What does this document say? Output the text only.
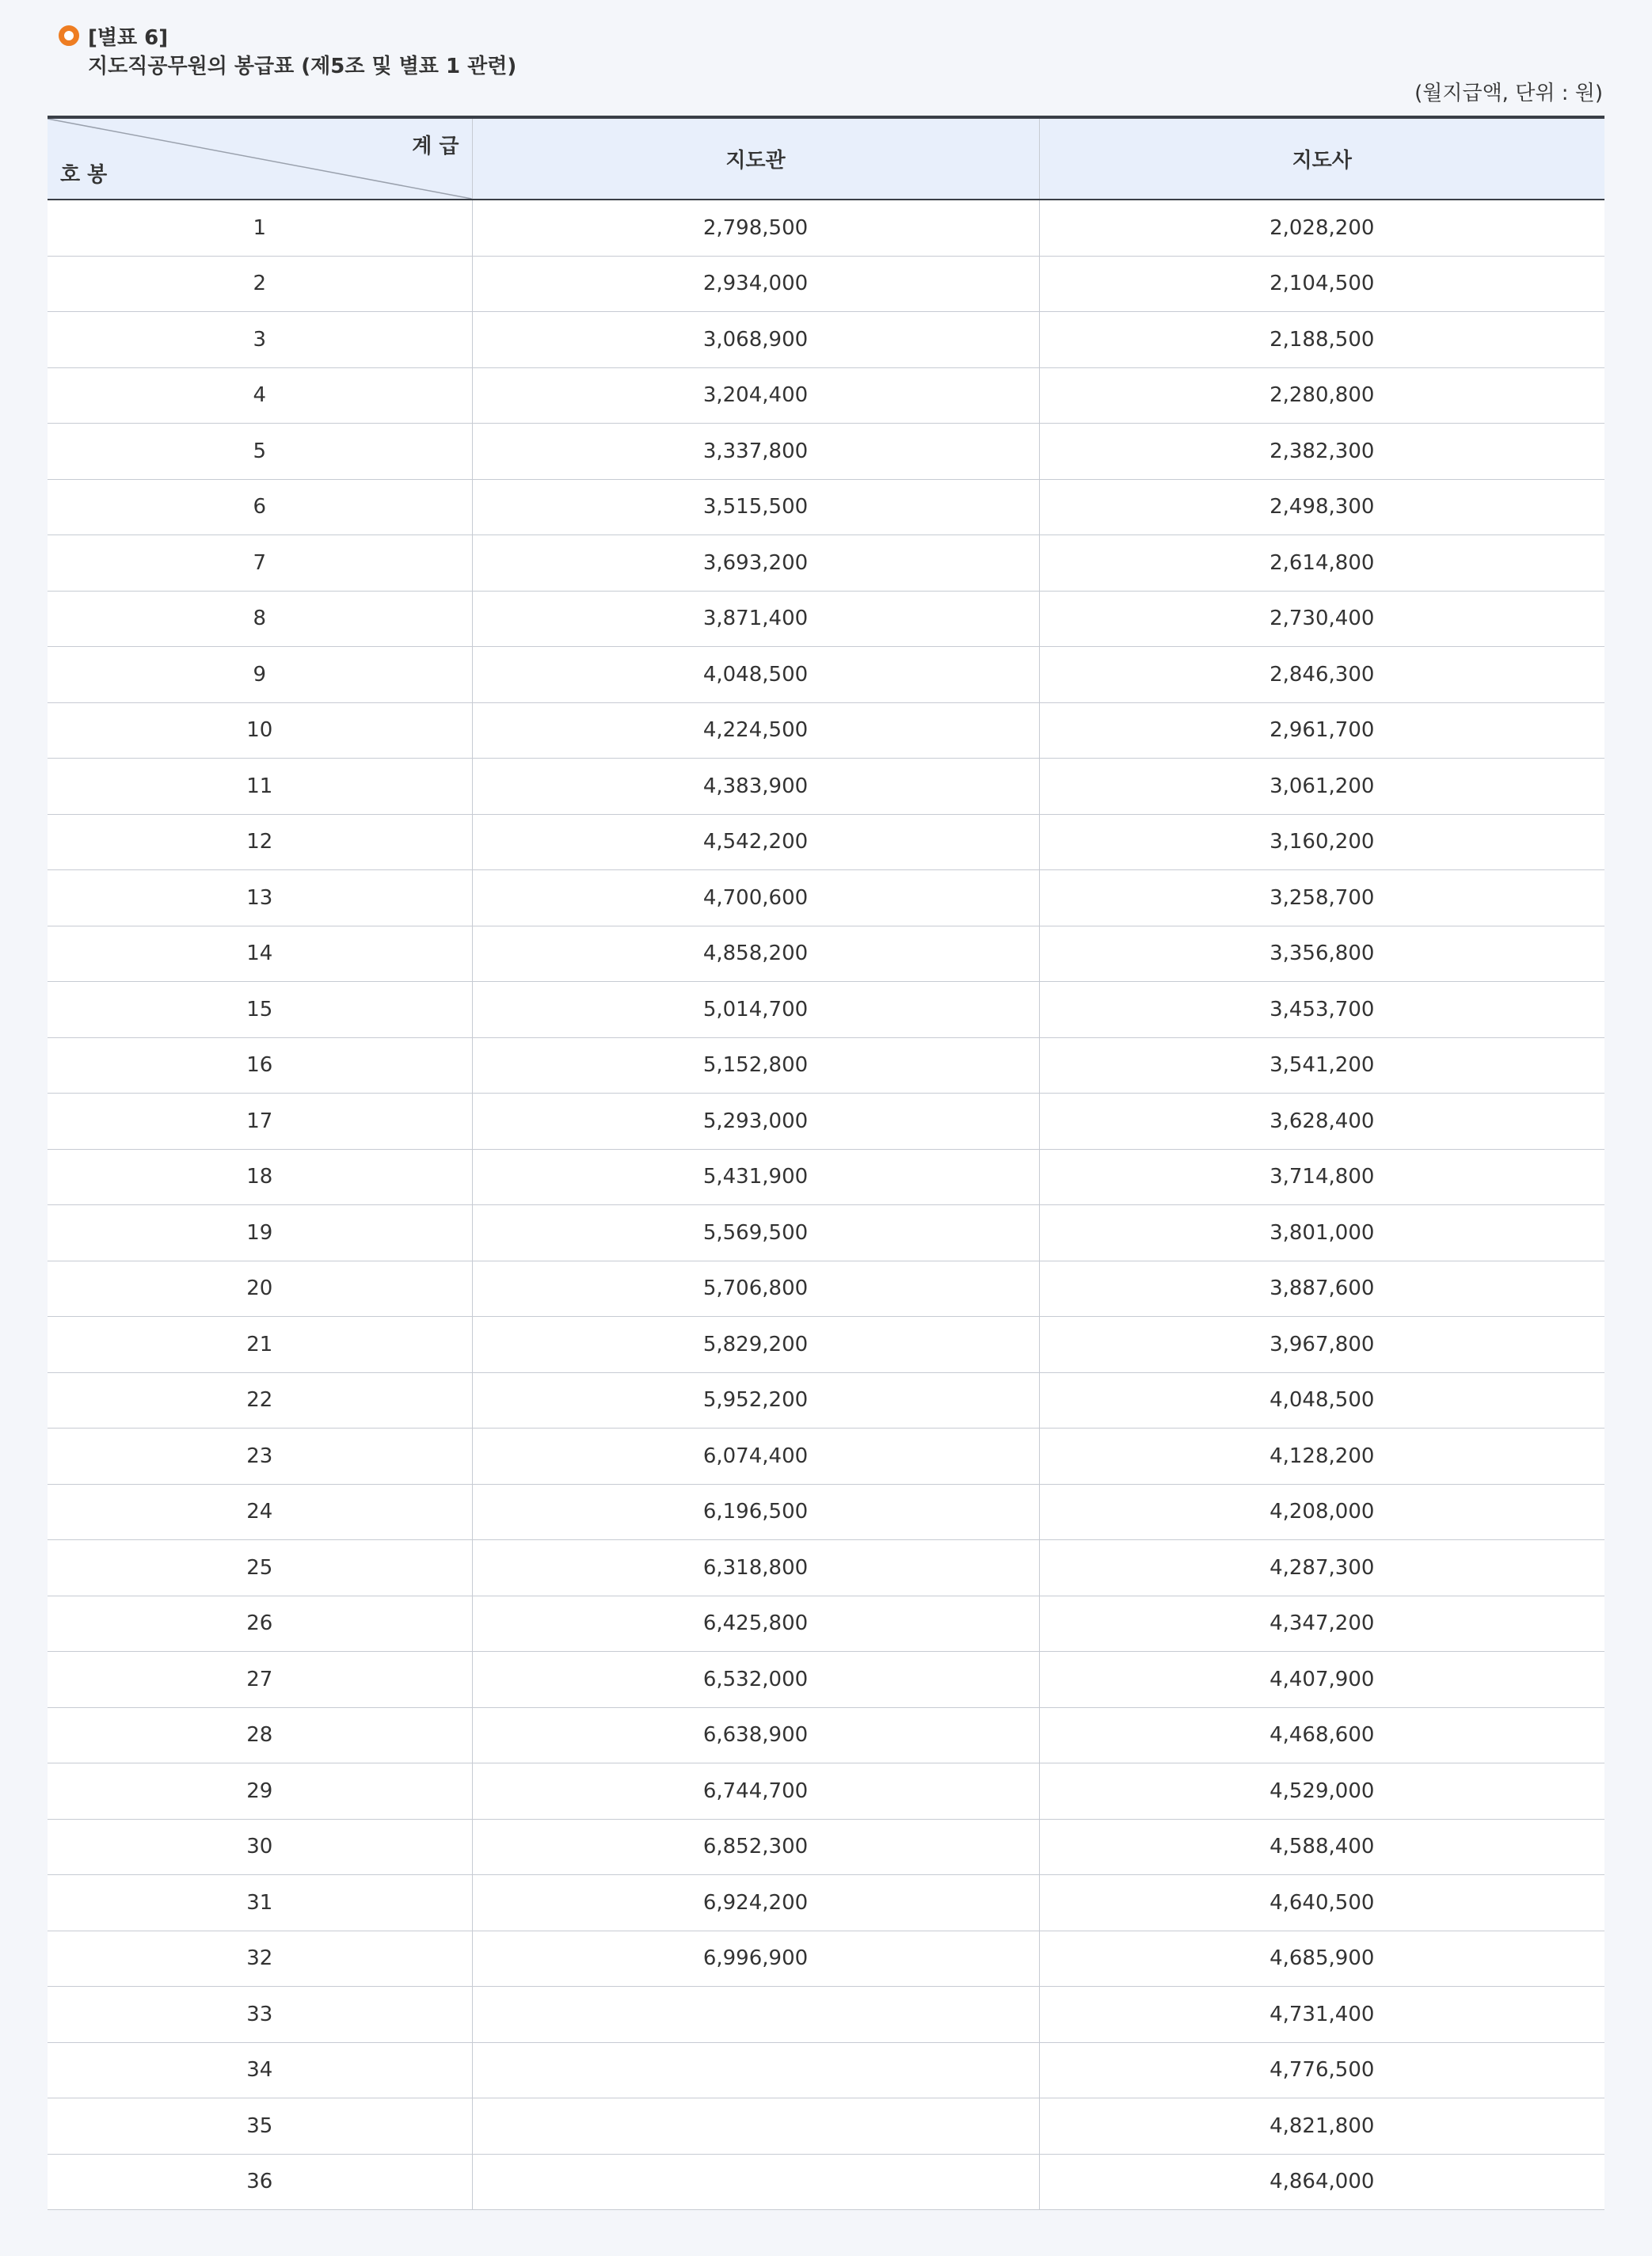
[별표 6]
지도직공무원의 봉급표 (제5조 및 별표 1 관련)
(월지급액, 단위 : 원)
계 급
호 봉	지도관	지도사
1	2,798,500	2,028,200
2	2,934,000	2,104,500
3	3,068,900	2,188,500
4	3,204,400	2,280,800
5	3,337,800	2,382,300
6	3,515,500	2,498,300
7	3,693,200	2,614,800
8	3,871,400	2,730,400
9	4,048,500	2,846,300
10	4,224,500	2,961,700
11	4,383,900	3,061,200
12	4,542,200	3,160,200
13	4,700,600	3,258,700
14	4,858,200	3,356,800
15	5,014,700	3,453,700
16	5,152,800	3,541,200
17	5,293,000	3,628,400
18	5,431,900	3,714,800
19	5,569,500	3,801,000
20	5,706,800	3,887,600
21	5,829,200	3,967,800
22	5,952,200	4,048,500
23	6,074,400	4,128,200
24	6,196,500	4,208,000
25	6,318,800	4,287,300
26	6,425,800	4,347,200
27	6,532,000	4,407,900
28	6,638,900	4,468,600
29	6,744,700	4,529,000
30	6,852,300	4,588,400
31	6,924,200	4,640,500
32	6,996,900	4,685,900
33		4,731,400
34		4,776,500
35		4,821,800
36		4,864,000
